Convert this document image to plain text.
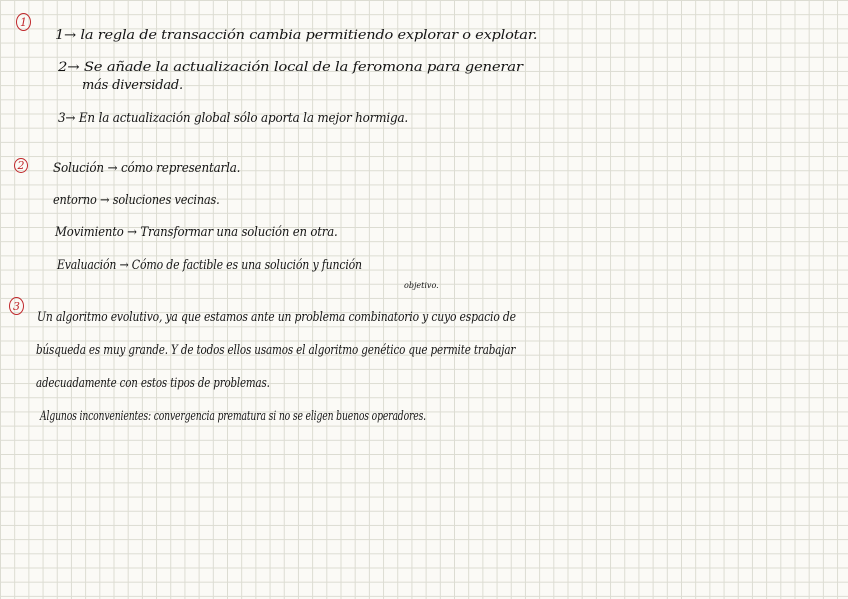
1
1→ la regla de transacción cambia permitiendo explorar o explotar.
2→ Se añade la actualización local de la feromona para generar
más diversidad.
3→ En la actualización global sólo aporta la mejor hormiga.
2 Solución → cómo representarla.
entorno → soluciones vecinas.
Movimiento → Transformar una solución en otra.
Evaluación → Cómo de factible es una solución y función
objetivo.
3
Un algoritmo evolutivo, ya que estamos ante un problema combinatorio y cuyo espacio de
búsqueda es muy grande. Y de todos ellos usamos el algoritmo genético que permite trabajar
adecuadamente con estos tipos de problemas.
Algunos inconvenientes: convergencia prematura si no se eligen buenos operadores.
